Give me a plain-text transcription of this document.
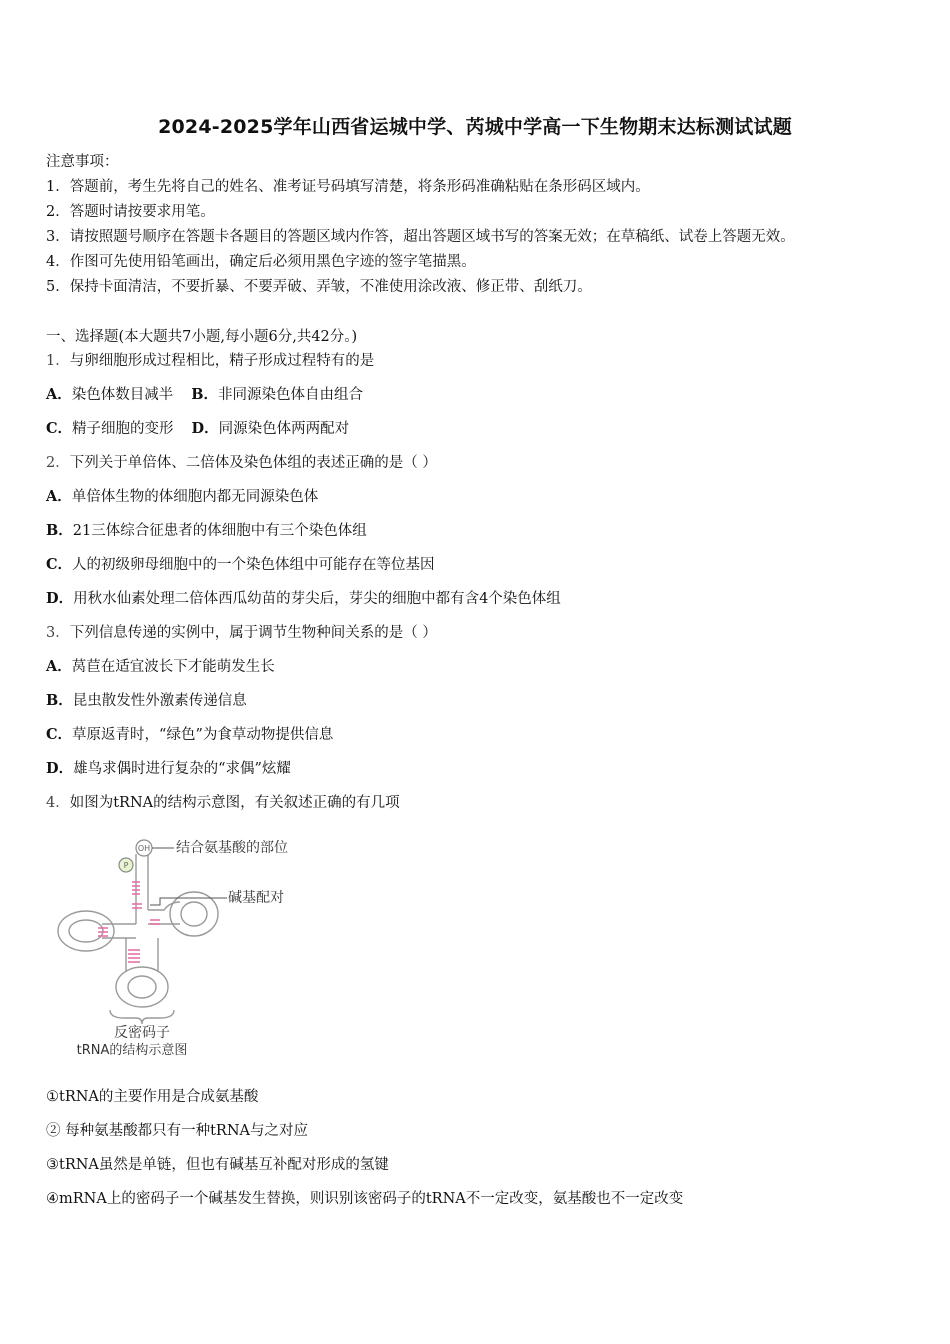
2024-2025学年山西省运城中学、芮城中学高一下生物期末达标测试试题
注意事项：
1．答题前，考生先将自己的姓名、准考证号码填写清楚，将条形码准确粘贴在条形码区域内。
2．答题时请按要求用笔。
3．请按照题号顺序在答题卡各题目的答题区域内作答，超出答题区域书写的答案无效；在草稿纸、试卷上答题无效。
4．作图可先使用铅笔画出，确定后必须用黑色字迹的签字笔描黑。
5．保持卡面清洁，不要折暴、不要弄破、弄皱，不准使用涂改液、修正带、刮纸刀。
一、选择题(本大题共7小题,每小题6分,共42分。)
1．与卵细胞形成过程相比，精子形成过程特有的是
A．染色体数目减半 B．非同源染色体自由组合
C．精子细胞的变形 D．同源染色体两两配对
2．下列关于单倍体、二倍体及染色体组的表述正确的是（ ）
A．单倍体生物的体细胞内都无同源染色体
B．21三体综合征患者的体细胞中有三个染色体组
C．人的初级卵母细胞中的一个染色体组中可能存在等位基因
D．用秋水仙素处理二倍体西瓜幼苗的芽尖后，芽尖的细胞中都有含4个染色体组
3．下列信息传递的实例中，属于调节生物种间关系的是（ ）
A．莴苣在适宜波长下才能萌发生长
B．昆虫散发性外激素传递信息
C．草原返青时，“绿色”为食草动物提供信息
D．雄鸟求偶时进行复杂的“求偶”炫耀
4．如图为tRNA的结构示意图，有关叙述正确的有几项
OH
P
结合氨基酸的部位
碱基配对
反密码子
tRNA的结构示意图
①tRNA的主要作用是合成氨基酸
② 每种氨基酸都只有一种tRNA与之对应
③tRNA虽然是单链，但也有碱基互补配对形成的氢键
④mRNA上的密码子一个碱基发生替换，则识别该密码子的tRNA不一定改变，氨基酸也不一定改变
